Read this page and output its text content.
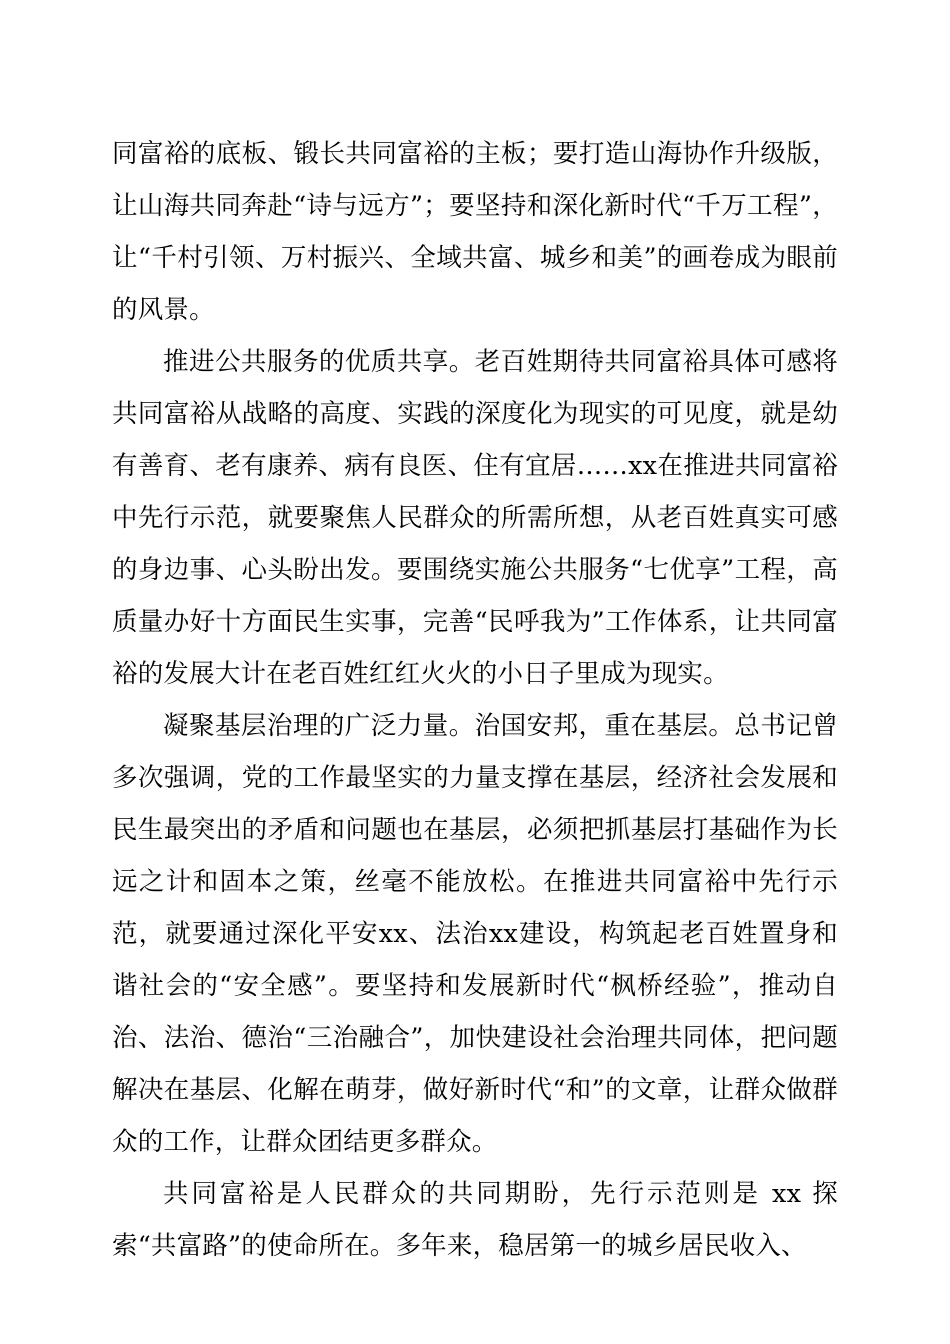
同富裕的底板、锻长共同富裕的主板；要打造山海协作升级版，让山海共同奔赴“诗与远方”；要坚持和深化新时代“千万工程”，让“千村引领、万村振兴、全域共富、城乡和美”的画卷成为眼前的风景。

推进公共服务的优质共享。老百姓期待共同富裕具体可感将共同富裕从战略的高度、实践的深度化为现实的可见度，就是幼有善育、老有康养、病有良医、住有宜居……xx在推进共同富裕中先行示范，就要聚焦人民群众的所需所想，从老百姓真实可感的身边事、心头盼出发。要围绕实施公共服务“七优享”工程，高质量办好十方面民生实事，完善“民呼我为”工作体系，让共同富裕的发展大计在老百姓红红火火的小日子里成为现实。

凝聚基层治理的广泛力量。治国安邦，重在基层。总书记曾多次强调，党的工作最坚实的力量支撑在基层，经济社会发展和民生最突出的矛盾和问题也在基层，必须把抓基层打基础作为长远之计和固本之策，丝毫不能放松。在推进共同富裕中先行示范，就要通过深化平安xx、法治xx建设，构筑起老百姓置身和谐社会的“安全感”。要坚持和发展新时代“枫桥经验”，推动自治、法治、德治“三治融合”，加快建设社会治理共同体，把问题解决在基层、化解在萌芽，做好新时代“和”的文章，让群众做群众的工作，让群众团结更多群众。

共同富裕是人民群众的共同期盼，先行示范则是 xx 探索“共富路”的使命所在。多年来，稳居第一的城乡居民收入、
